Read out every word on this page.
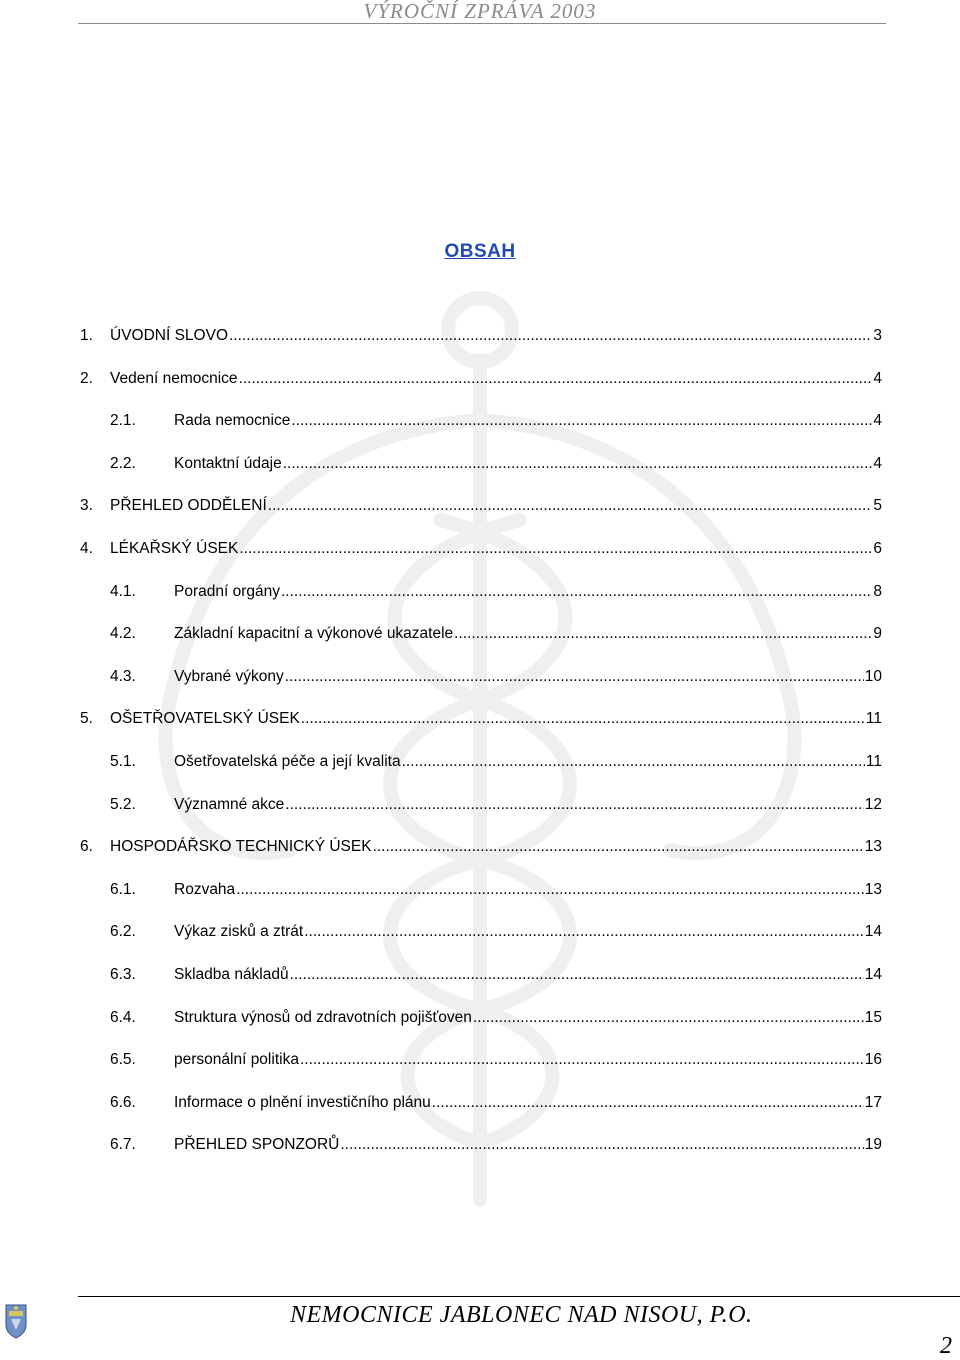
VÝROČNÍ ZPRÁVA 2003
OBSAH
1.	ÚVODNÍ SLOVO .....	3
2.	Vedení nemocnice .....	4
2.1.	Rada nemocnice .....	4
2.2.	Kontaktní údaje .....	4
3.	PŘEHLED ODDĚLENÍ .....	5
4.	LÉKAŘSKÝ ÚSEK .....	6
4.1.	Poradní orgány .....	8
4.2.	Základní kapacitní a výkonové ukazatele .....	9
4.3.	Vybrané výkony .....	10
5.	OŠETŘOVATELSKÝ ÚSEK .....	11
5.1.	Ošetřovatelská péče a její kvalita .....	11
5.2.	Významné akce .....	12
6.	HOSPODÁŘSKO TECHNICKÝ ÚSEK .....	13
6.1.	Rozvaha .....	13
6.2.	Výkaz zisků a ztrát .....	14
6.3.	Skladba nákladů .....	14
6.4.	Struktura výnosů od zdravotních pojišťoven .....	15
6.5.	personální politika .....	16
6.6.	Informace o plnění investičního plánu .....	17
6.7.	PŘEHLED SPONZORŮ .....	19
NEMOCNICE JABLONEC NAD NISOU, P.O.
2
